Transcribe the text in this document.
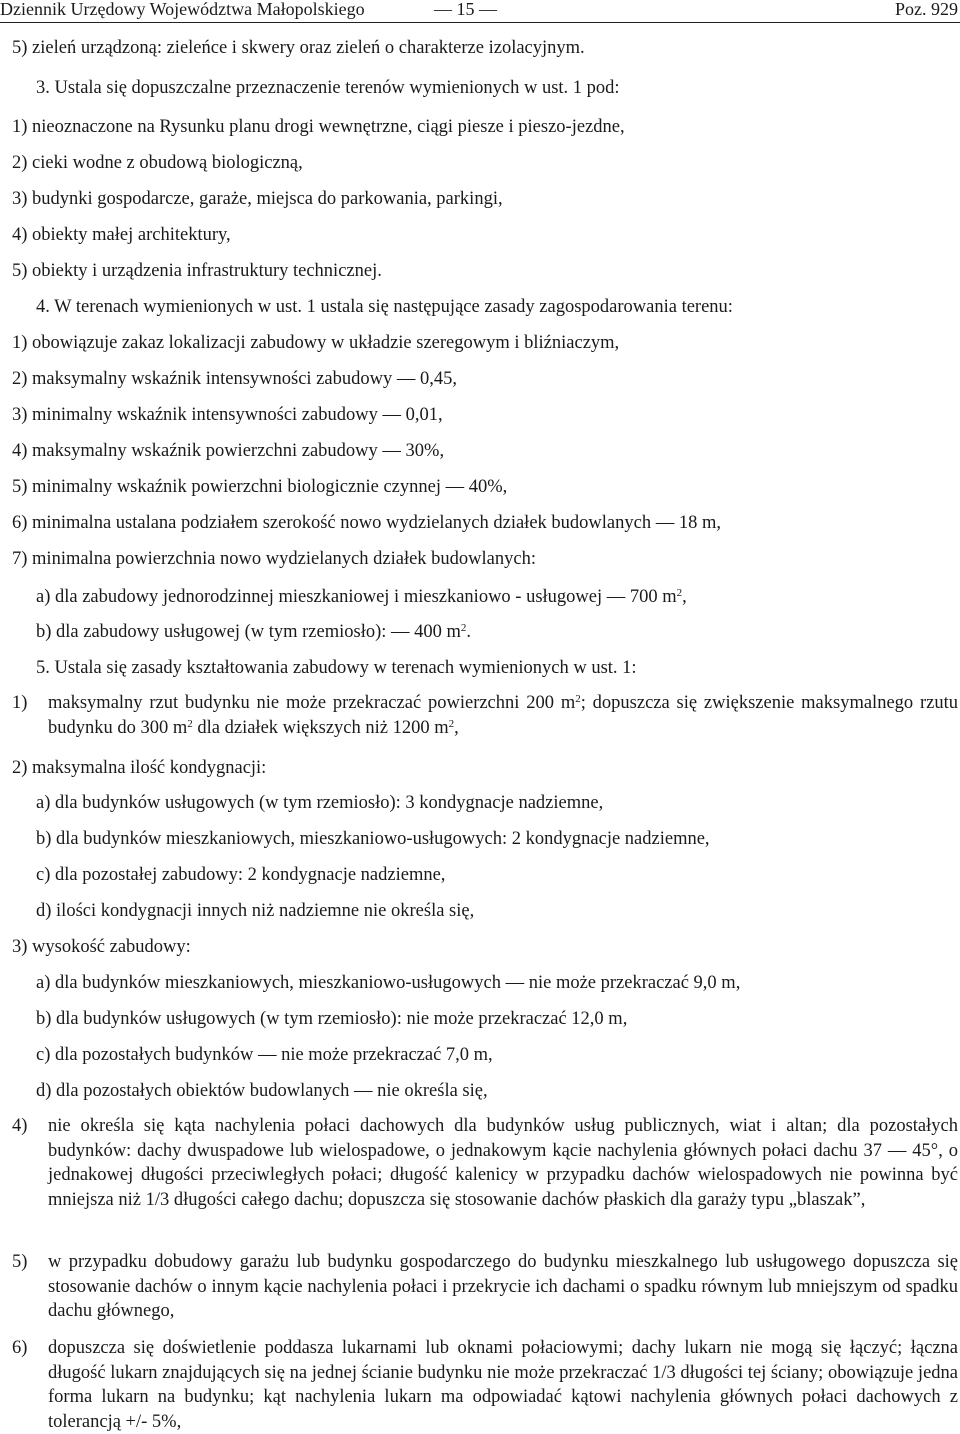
Dziennik Urzędowy Województwa Małopolskiego	— 15 —	Poz. 929
5) zieleń urządzoną: zieleńce i skwery oraz zieleń o charakterze izolacyjnym.
3. Ustala się dopuszczalne przeznaczenie terenów wymienionych w ust. 1 pod:
1) nieoznaczone na Rysunku planu drogi wewnętrzne, ciągi piesze i pieszo-jezdne,
2) cieki wodne z obudową biologiczną,
3) budynki gospodarcze, garaże, miejsca do parkowania, parkingi,
4) obiekty małej architektury,
5) obiekty i urządzenia infrastruktury technicznej.
4. W terenach wymienionych w ust. 1 ustala się następujące zasady zagospodarowania terenu:
1) obowiązuje zakaz lokalizacji zabudowy w układzie szeregowym i bliźniaczym,
2) maksymalny wskaźnik intensywności zabudowy — 0,45,
3) minimalny wskaźnik intensywności zabudowy — 0,01,
4) maksymalny wskaźnik powierzchni zabudowy — 30%,
5) minimalny wskaźnik powierzchni biologicznie czynnej — 40%,
6) minimalna ustalana podziałem szerokość nowo wydzielanych działek budowlanych — 18 m,
7) minimalna powierzchnia nowo wydzielanych działek budowlanych:
a) dla zabudowy jednorodzinnej mieszkaniowej i mieszkaniowo - usługowej — 700 $m^2$,
b) dla zabudowy usługowej (w tym rzemiosło): — 400 $m^2$.
5. Ustala się zasady kształtowania zabudowy w terenach wymienionych w ust. 1:
1) maksymalny rzut budynku nie może przekraczać powierzchni 200 $m^2$; dopuszcza się zwiększenie maksymalnego rzutu budynku do 300 $m^2$ dla działek większych niż 1200 $m^2$,
2) maksymalna ilość kondygnacji:
a) dla budynków usługowych (w tym rzemiosło): 3 kondygnacje nadziemne,
b) dla budynków mieszkaniowych, mieszkaniowo-usługowych: 2 kondygnacje nadziemne,
c) dla pozostałej zabudowy: 2 kondygnacje nadziemne,
d) ilości kondygnacji innych niż nadziemne nie określa się,
3) wysokość zabudowy:
a) dla budynków mieszkaniowych, mieszkaniowo-usługowych — nie może przekraczać 9,0 m,
b) dla budynków usługowych (w tym rzemiosło): nie może przekraczać 12,0 m,
c) dla pozostałych budynków — nie może przekraczać 7,0 m,
d) dla pozostałych obiektów budowlanych — nie określa się,
4) nie określa się kąta nachylenia połaci dachowych dla budynków usług publicznych, wiat i altan; dla pozostałych budynków: dachy dwuspadowe lub wielospadowe, o jednakowym kącie nachylenia głównych połaci dachu 37 — 45°, o jednakowej długości przeciwległych połaci; długość kalenicy w przypadku dachów wielospadowych nie powinna być mniejsza niż 1/3 długości całego dachu; dopuszcza się stosowanie dachów płaskich dla garaży typu „blaszak”,
5) w przypadku dobudowy garażu lub budynku gospodarczego do budynku mieszkalnego lub usługowego dopuszcza się stosowanie dachów o innym kącie nachylenia połaci i przekrycie ich dachami o spadku równym lub mniejszym od spadku dachu głównego,
6) dopuszcza się doświetlenie poddasza lukarnami lub oknami połaciowymi; dachy lukarn nie mogą się łączyć; łączna długość lukarn znajdujących się na jednej ścianie budynku nie może przekraczać 1/3 długości tej ściany; obowiązuje jedna forma lukarn na budynku; kąt nachylenia lukarn ma odpowiadać kątowi nachylenia głównych połaci dachowych z tolerancją +/- 5%,
